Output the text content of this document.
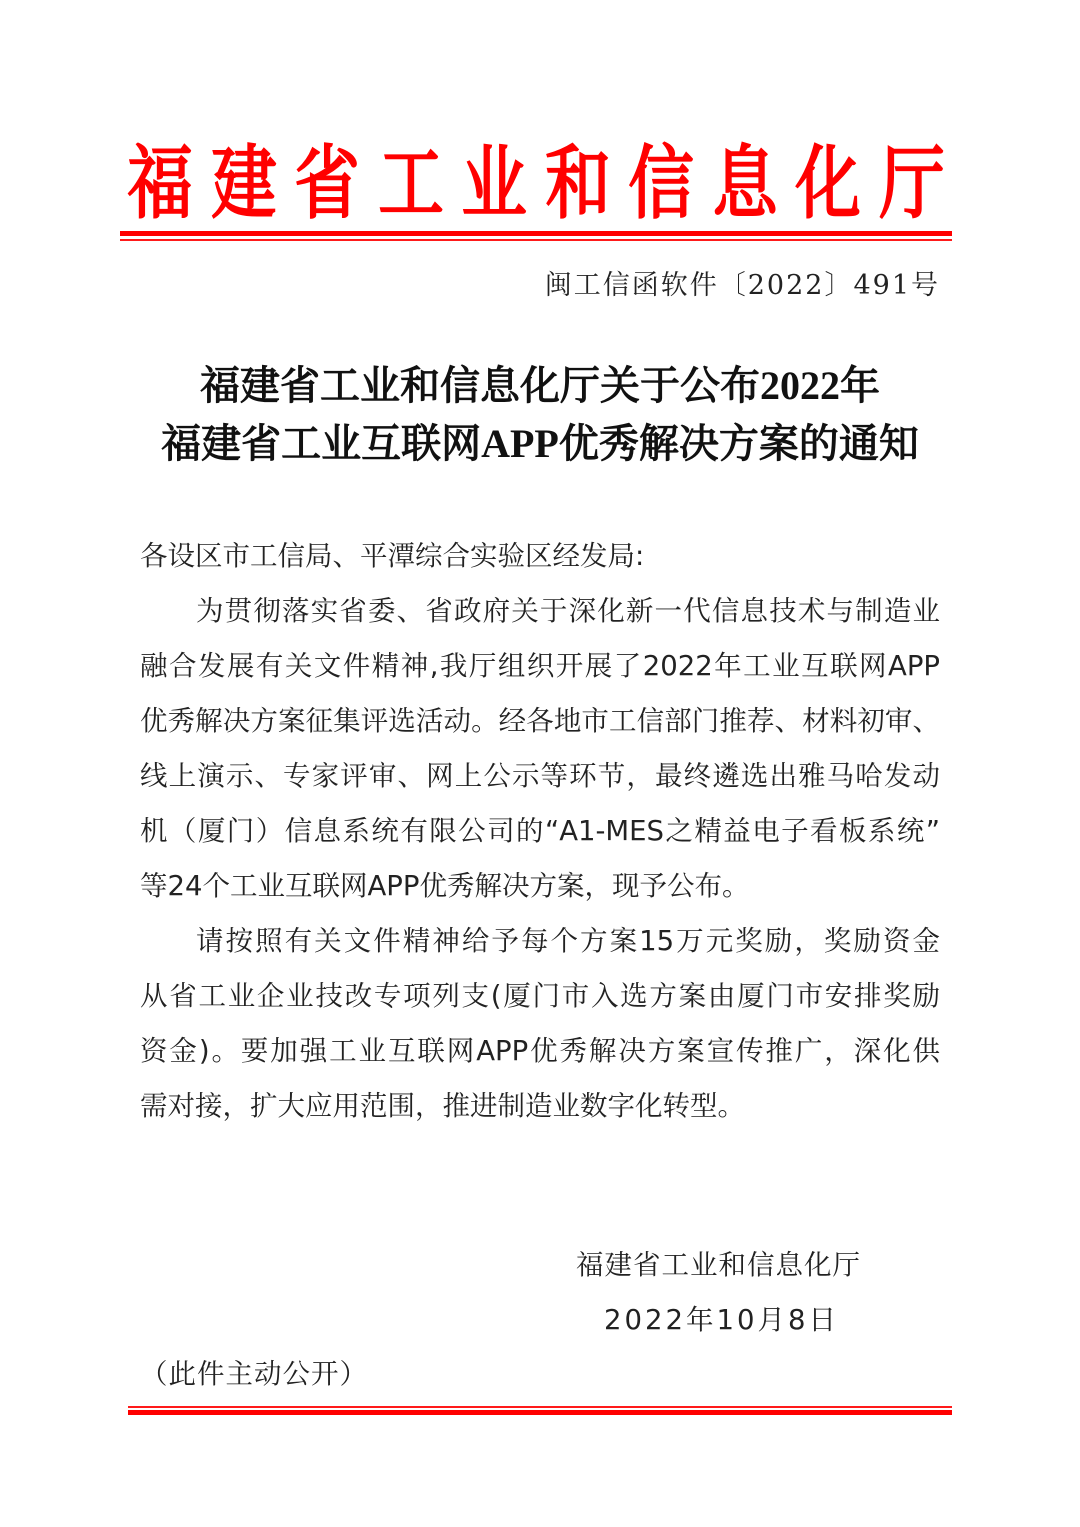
福 建 省 工 业 和 信 息 化 厅
闽工信函软件〔2022〕491号
福建省工业和信息化厅关于公布2022年
福建省工业互联网APP优秀解决方案的通知
各设区市工信局、平潭综合实验区经发局:
为贯彻落实省委、省政府关于深化新一代信息技术与制造业
融合发展有关文件精神,我厅组织开展了2022年工业互联网APP
优秀解决方案征集评选活动。经各地市工信部门推荐、材料初审、
线上演示、专家评审、网上公示等环节，最终遴选出雅马哈发动
机（厦门）信息系统有限公司的“A1-MES之精益电子看板系统”
等24个工业互联网APP优秀解决方案，现予公布。
请按照有关文件精神给予每个方案15万元奖励，奖励资金
从省工业企业技改专项列支(厦门市入选方案由厦门市安排奖励
资金)。要加强工业互联网APP优秀解决方案宣传推广，深化供
需对接，扩大应用范围，推进制造业数字化转型。
福建省工业和信息化厅
2022年10月8日
（此件主动公开）
